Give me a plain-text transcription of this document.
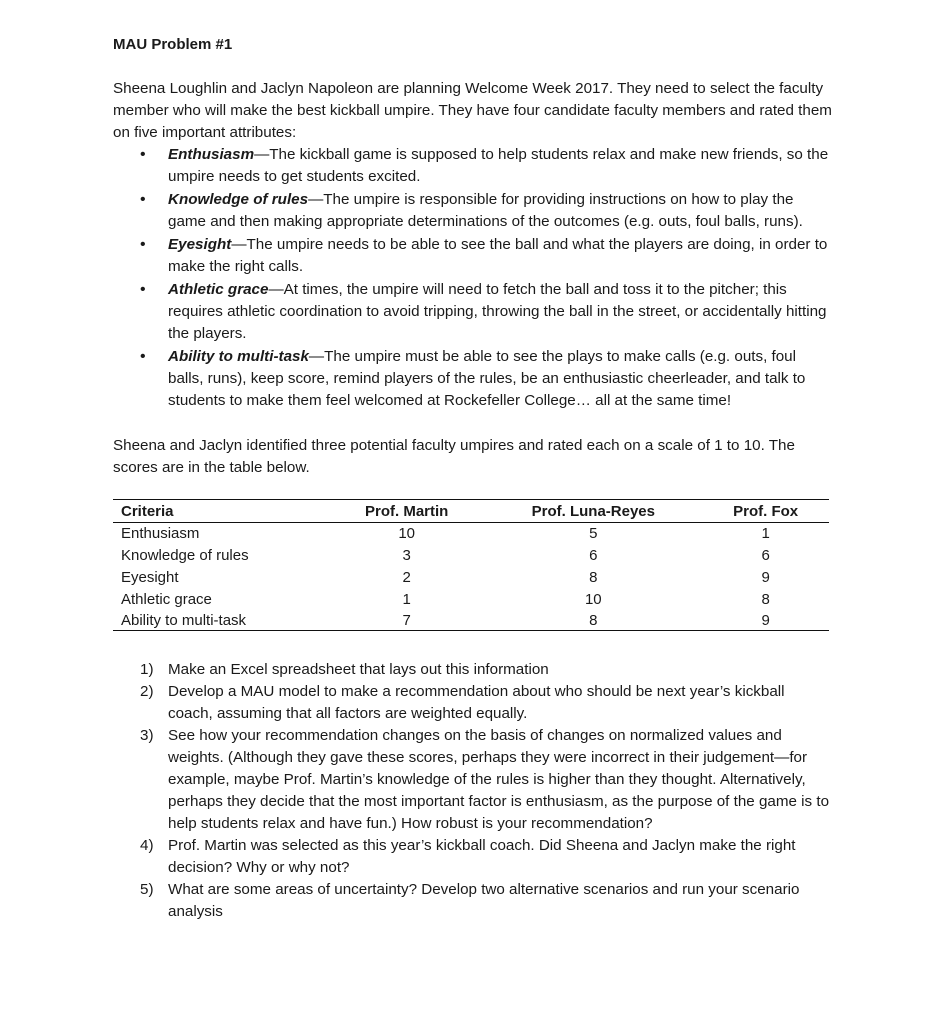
MAU Problem #1

Sheena Loughlin and Jaclyn Napoleon are planning Welcome Week 2017. They need to select the faculty member who will make the best kickball umpire. They have four candidate faculty members and rated them on five important attributes:

• Enthusiasm—The kickball game is supposed to help students relax and make new friends, so the umpire needs to get students excited.
• Knowledge of rules—The umpire is responsible for providing instructions on how to play the game and then making appropriate determinations of the outcomes (e.g. outs, foul balls, runs).
• Eyesight—The umpire needs to be able to see the ball and what the players are doing, in order to make the right calls.
• Athletic grace—At times, the umpire will need to fetch the ball and toss it to the pitcher; this requires athletic coordination to avoid tripping, throwing the ball in the street, or accidentally hitting the players.
• Ability to multi-task—The umpire must be able to see the plays to make calls (e.g. outs, foul balls, runs), keep score, remind players of the rules, be an enthusiastic cheerleader, and talk to students to make them feel welcomed at Rockefeller College… all at the same time!

Sheena and Jaclyn identified three potential faculty umpires and rated each on a scale of 1 to 10. The scores are in the table below.

Criteria	Prof. Martin	Prof. Luna-Reyes	Prof. Fox
Enthusiasm	10	5	1
Knowledge of rules	3	6	6
Eyesight	2	8	9
Athletic grace	1	10	8
Ability to multi-task	7	8	9
1) Make an Excel spreadsheet that lays out this information
2) Develop a MAU model to make a recommendation about who should be next year’s kickball coach, assuming that all factors are weighted equally.
3) See how your recommendation changes on the basis of changes on normalized values and weights. (Although they gave these scores, perhaps they were incorrect in their judgement—for example, maybe Prof. Martin’s knowledge of the rules is higher than they thought. Alternatively, perhaps they decide that the most important factor is enthusiasm, as the purpose of the game is to help students relax and have fun.) How robust is your recommendation?
4) Prof. Martin was selected as this year’s kickball coach. Did Sheena and Jaclyn make the right decision? Why or why not?
5) What are some areas of uncertainty? Develop two alternative scenarios and run your scenario analysis
